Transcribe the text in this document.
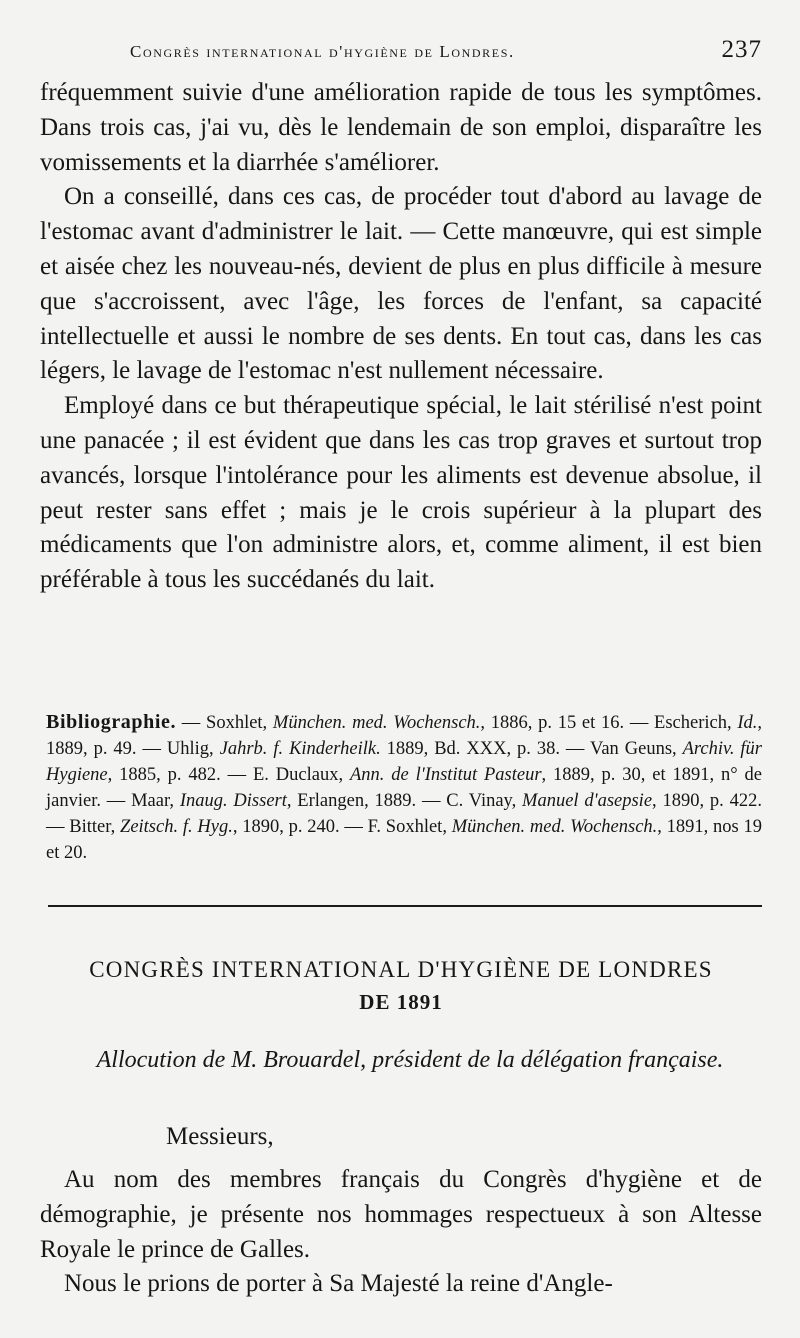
Congrès international d'hygiène de Londres.	237

fréquemment suivie d'une amélioration rapide de tous les symptômes. Dans trois cas, j'ai vu, dès le lendemain de son emploi, disparaître les vomissements et la diarrhée s'améliorer.

On a conseillé, dans ces cas, de procéder tout d'abord au lavage de l'estomac avant d'administrer le lait. — Cette manœuvre, qui est simple et aisée chez les nouveau-nés, devient de plus en plus difficile à mesure que s'accroissent, avec l'âge, les forces de l'enfant, sa capacité intellectuelle et aussi le nombre de ses dents. En tout cas, dans les cas légers, le lavage de l'estomac n'est nullement nécessaire.

Employé dans ce but thérapeutique spécial, le lait stérilisé n'est point une panacée ; il est évident que dans les cas trop graves et surtout trop avancés, lorsque l'intolérance pour les aliments est devenue absolue, il peut rester sans effet ; mais je le crois supérieur à la plupart des médicaments que l'on administre alors, et, comme aliment, il est bien préférable à tous les succédanés du lait.

Bibliographie. — Soxhlet, München. med. Wochensch., 1886, p. 15 et 16. — Escherich, Id., 1889, p. 49. — Uhlig, Jahrb. f. Kinderheilk. 1889, Bd. XXX, p. 38. — Van Geuns, Archiv. für Hygiene, 1885, p. 482. — E. Duclaux, Ann. de l'Institut Pasteur, 1889, p. 30, et 1891, n° de janvier. — Maar, Inaug. Dissert, Erlangen, 1889. — C. Vinay, Manuel d'asepsie, 1890, p. 422. — Bitter, Zeitsch. f. Hyg., 1890, p. 240. — F. Soxhlet, München. med. Wochensch., 1891, nos 19 et 20.
CONGRÈS INTERNATIONAL D'HYGIÈNE DE LONDRES
DE 1891
Allocution de M. Brouardel, président de la délégation française.
Messieurs,

Au nom des membres français du Congrès d'hygiène et de démographie, je présente nos hommages respectueux à son Altesse Royale le prince de Galles.

Nous le prions de porter à Sa Majesté la reine d'Angle-
